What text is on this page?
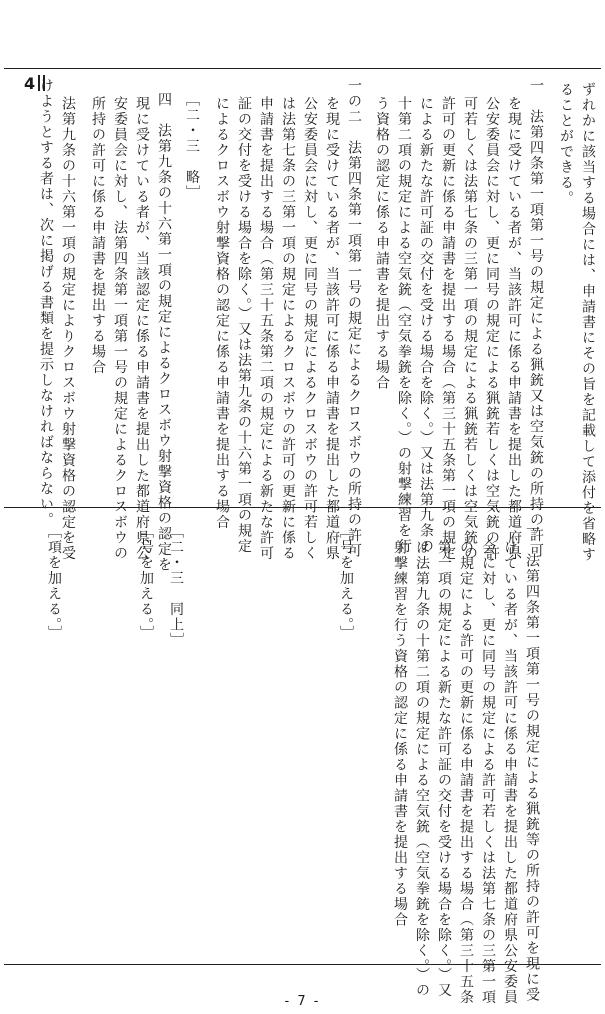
4	ずれかに該当する場合には、申請書にその旨を記載して添付を省略す
ることができる。
一　法第四条第一項第一号の規定による猟銃又は空気銃の所持の許可
を現に受けている者が、当該許可に係る申請書を提出した都道府県
公安委員会に対し、更に同号の規定による猟銃若しくは空気銃の許
可若しくは法第七条の三第一項の規定による猟銃若しくは空気銃の
許可の更新に係る申請書を提出する場合（第三十五条第一項の規定
による新たな許可証の交付を受ける場合を除く。）又は法第九条の
十第二項の規定による空気銃（空気拳銃を除く。）の射撃練習を行
う資格の認定に係る申請書を提出する場合
一の二　法第四条第一項第一号の規定によるクロスボウの所持の許可
を現に受けている者が、当該許可に係る申請書を提出した都道府県
公安委員会に対し、更に同号の規定によるクロスボウの許可若しく
は法第七条の三第一項の規定によるクロスボウの許可の更新に係る
申請書を提出する場合（第三十五条第二項の規定による新たな許可
証の交付を受ける場合を除く。）又は法第九条の十六第一項の規定
によるクロスボウ射撃資格の認定に係る申請書を提出する場合
［二・三　略］
四　法第九条の十六第一項の規定によるクロスボウ射撃資格の認定を
現に受けている者が、当該認定に係る申請書を提出した都道府県公
安委員会に対し、法第四条第一項第一号の規定によるクロスボウの
所持の許可に係る申請書を提出する場合
法第九条の十六第一項の規定によりクロスボウ射撃資格の認定を受
けようとする者は、次に掲げる書類を提示しなければならない。
一　法第四条第一項第一号の規定による猟銃等の所持の許可を現に受
けている者が、当該許可に係る申請書を提出した都道府県公安委員
会に対し、更に同号の規定による許可若しくは法第七条の三第一項
の規定による許可の更新に係る申請書を提出する場合（第三十五条
第一項の規定による新たな許可証の交付を受ける場合を除く。）又
は法第九条の十第二項の規定による空気銃（空気拳銃を除く。）の
射撃練習を行う資格の認定に係る申請書を提出する場合
［号を加える。］
［二・三　同上］
［号を加える。］
［項を加える。］
- 7 -
